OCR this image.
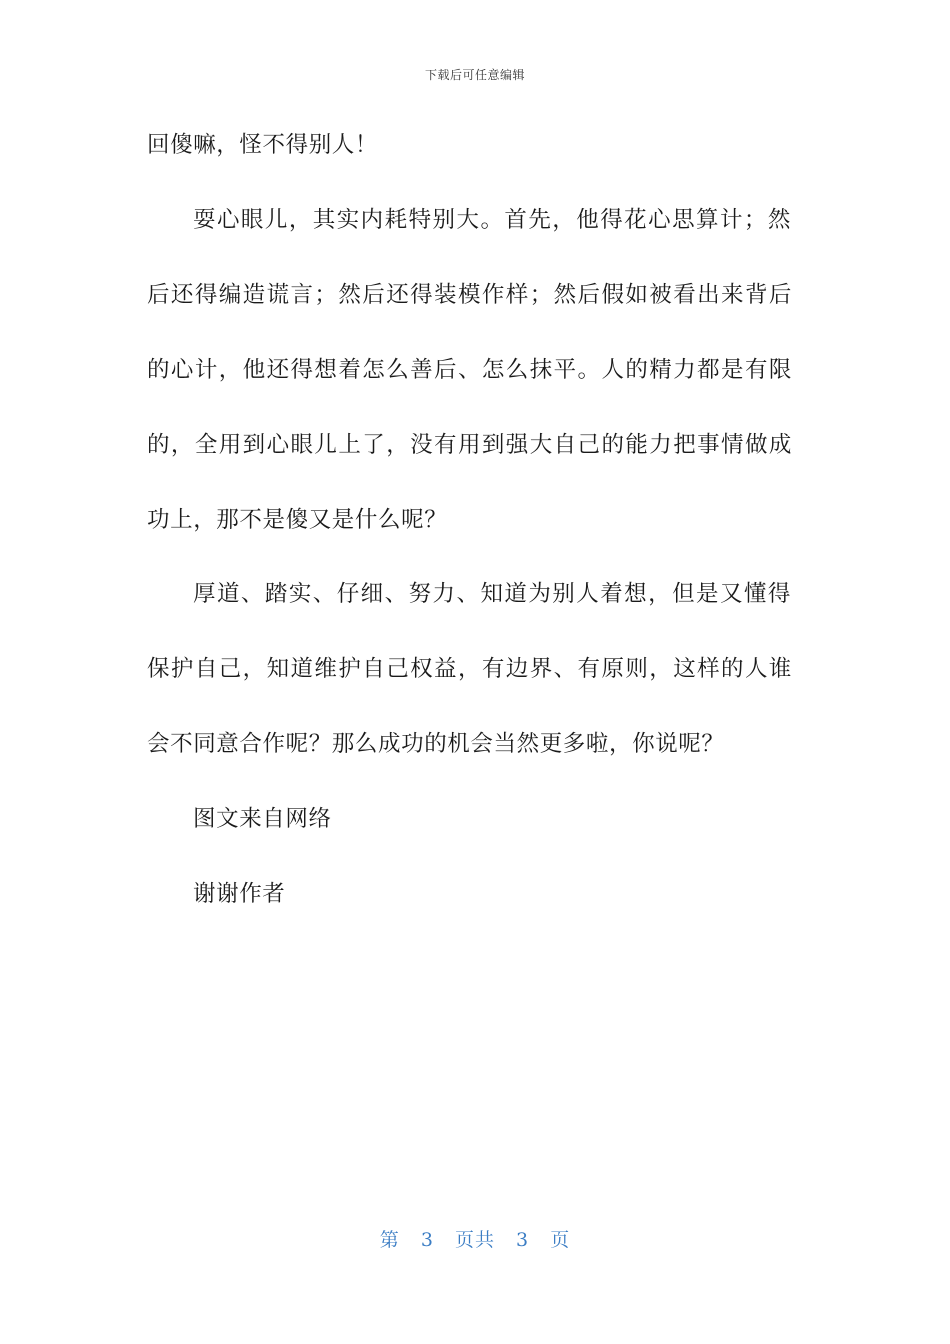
下载后可任意编辑
回傻嘛，怪不得别人！
耍心眼儿，其实内耗特别大。首先，他得花心思算计；然
后还得编造谎言；然后还得装模作样；然后假如被看出来背后
的心计，他还得想着怎么善后、怎么抹平。人的精力都是有限
的，全用到心眼儿上了，没有用到强大自己的能力把事情做成
功上，那不是傻又是什么呢？
厚道、踏实、仔细、努力、知道为别人着想，但是又懂得
保护自己，知道维护自己权益，有边界、有原则，这样的人谁
会不同意合作呢？那么成功的机会当然更多啦，你说呢？
图文来自网络
谢谢作者
第 3 页共 3 页
